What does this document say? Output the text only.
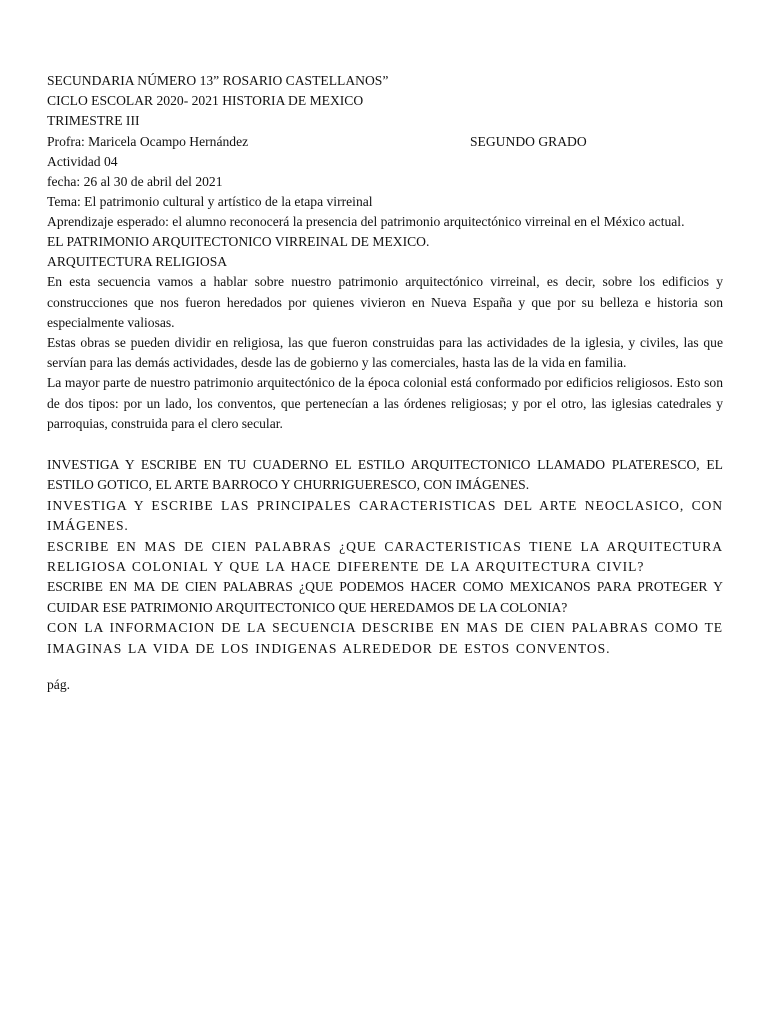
SECUNDARIA NÚMERO 13” ROSARIO CASTELLANOS”
CICLO ESCOLAR 2020- 2021 HISTORIA DE MEXICO
TRIMESTRE III
Profra: Maricela Ocampo Hernández	SEGUNDO GRADO
Actividad 04
fecha: 26 al 30 de abril del 2021
Tema: El patrimonio cultural y artístico de la etapa virreinal
Aprendizaje esperado: el alumno reconocerá la presencia del patrimonio arquitectónico virreinal en el México actual.
EL PATRIMONIO ARQUITECTONICO VIRREINAL DE MEXICO.
ARQUITECTURA RELIGIOSA

En esta secuencia vamos a hablar sobre nuestro patrimonio arquitectónico virreinal, es decir, sobre los edificios y construcciones que nos fueron heredados por quienes vivieron en Nueva España y que por su belleza e historia son especialmente valiosas.

Estas obras se pueden dividir en religiosa, las que fueron construidas para las actividades de la iglesia, y civiles, las que servían para las demás actividades, desde las de gobierno y las comerciales, hasta las de la vida en familia.

La mayor parte de nuestro patrimonio arquitectónico de la época colonial está conformado por edificios religiosos. Esto son de dos tipos: por un lado, los conventos, que pertenecían a las órdenes religiosas; y por el otro, las iglesias catedrales y parroquias, construida para el clero secular.

INVESTIGA Y ESCRIBE EN TU CUADERNO EL ESTILO ARQUITECTONICO LLAMADO PLATERESCO, EL ESTILO GOTICO, EL ARTE BARROCO Y CHURRIGUERESCO, CON IMÁGENES.

INVESTIGA Y ESCRIBE LAS PRINCIPALES CARACTERISTICAS DEL ARTE NEOCLASICO, CON IMÁGENES.

ESCRIBE EN MAS DE CIEN PALABRAS ¿QUE CARACTERISTICAS TIENE LA ARQUITECTURA RELIGIOSA COLONIAL Y QUE LA HACE DIFERENTE DE LA ARQUITECTURA CIVIL?

ESCRIBE EN MA DE CIEN PALABRAS ¿QUE PODEMOS HACER COMO MEXICANOS PARA PROTEGER Y CUIDAR ESE PATRIMONIO ARQUITECTONICO QUE HEREDAMOS DE LA COLONIA?

CON LA INFORMACION DE LA SECUENCIA DESCRIBE EN MAS DE CIEN PALABRAS COMO TE IMAGINAS LA VIDA DE LOS INDIGENAS ALREDEDOR DE ESTOS CONVENTOS.

pág.
